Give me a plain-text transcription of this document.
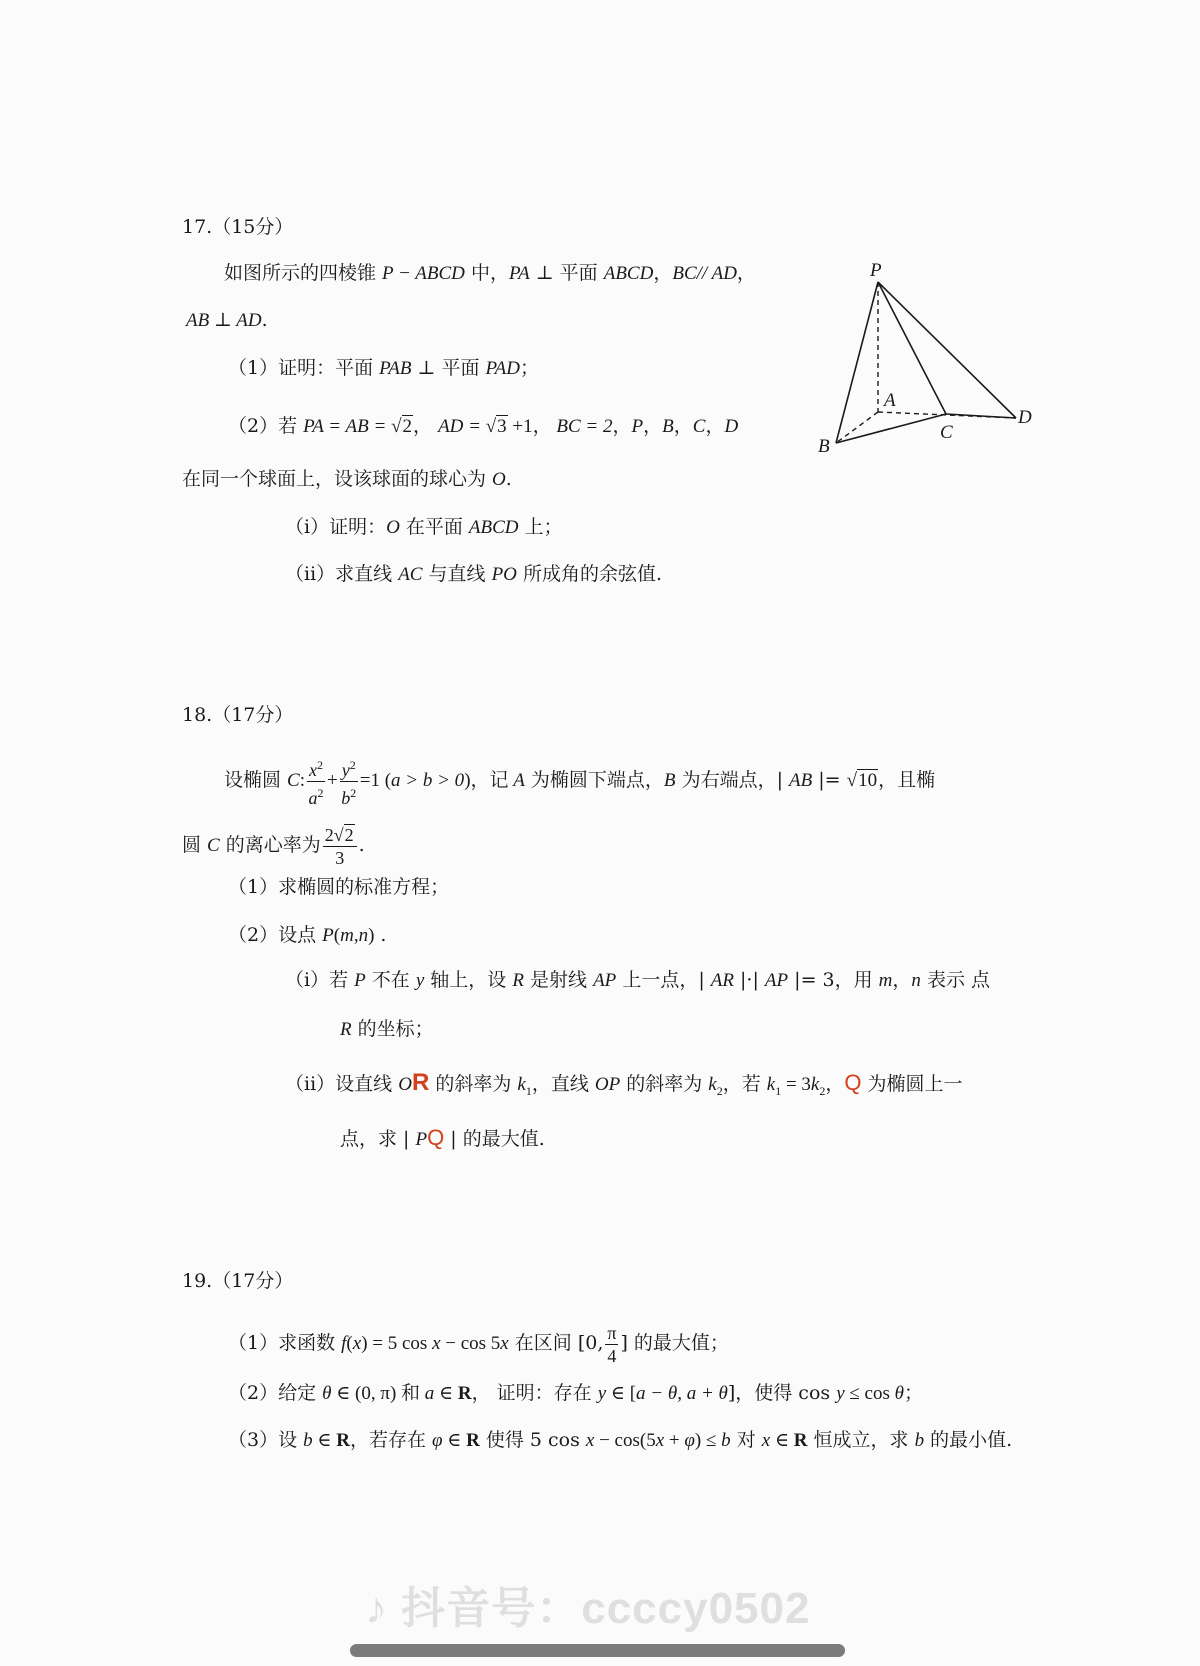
17.（15分）
如图所示的四棱锥 P − ABCD 中，PA ⊥ 平面 ABCD，BC// AD，
AB ⊥ AD.
（1）证明：平面 PAB ⊥ 平面 PAD；
（2）若 PA = AB = √2， AD = √3 +1， BC = 2，P，B，C，D
在同一个球面上，设该球面的球心为 O.
（ⅰ）证明：O 在平面 ABCD 上；
（ⅱ）求直线 AC 与直线 PO 所成角的余弦值.
P
A
B
C
D
18.（17分）
设椭圆 C: $\frac{x^2}{a^2} + \frac{y^2}{b^2} =1$ (a > b > 0)，记 A 为椭圆下端点，B 为右端点，| AB |= √10，且椭
圆 C 的离心率为 $\frac{2√2}{3}$ .
（1）求椭圆的标准方程；
（2）设点 P(m,n) .
（ⅰ）若 P 不在 y 轴上，设 R 是射线 AP 上一点，| AR |·| AP |= 3，用 m，n 表示 点
R 的坐标；
（ⅱ）设直线 OR 的斜率为 $k_1$，直线 OP 的斜率为 $k_2$，若 $k_1 = 3k_2$，Q 为椭圆上一
点，求 | PQ | 的最大值.
19.（17分）
（1）求函数 f(x) = 5 cos x − cos 5x 在区间 [0, $\frac{\pi}{4}$ ] 的最大值；
（2）给定 θ ∈ (0, π) 和 a ∈ R， 证明：存在 y ∈ [a − θ, a + θ]，使得 cos y ≤ cos θ；
（3）设 b ∈ R，若存在 φ ∈ R 使得 5 cos x − cos(5x + φ) ≤ b 对 x ∈ R 恒成立，求 b 的最小值.
♪ 抖音号：ccccy0502
